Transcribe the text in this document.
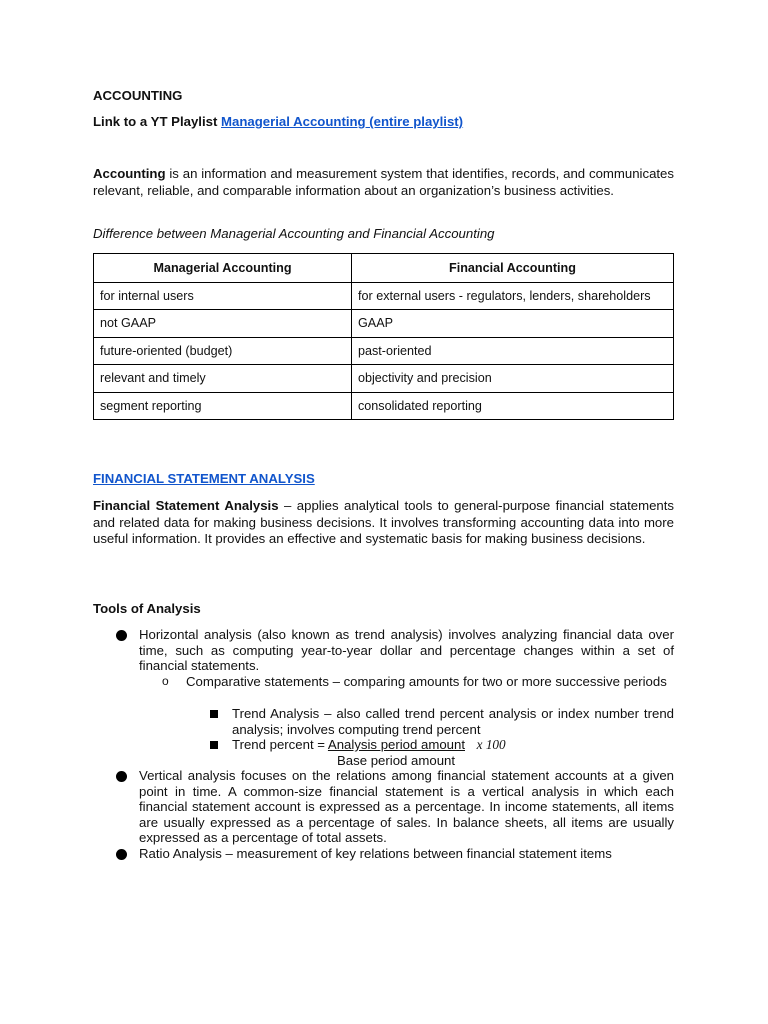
ACCOUNTING
Link to a YT Playlist Managerial Accounting (entire playlist)
Accounting is an information and measurement system that identifies, records, and communicates relevant, reliable, and comparable information about an organization’s business activities.
Difference between Managerial Accounting and Financial Accounting
Managerial Accounting	Financial Accounting
for internal users	for external users - regulators, lenders, shareholders
not GAAP	GAAP
future-oriented (budget)	past-oriented
relevant and timely	objectivity and precision
segment reporting	consolidated reporting
FINANCIAL STATEMENT ANALYSIS
Financial Statement Analysis – applies analytical tools to general-purpose financial statements and related data for making business decisions. It involves transforming accounting data into more useful information. It provides an effective and systematic basis for making business decisions.
Tools of Analysis
Horizontal analysis (also known as trend analysis) involves analyzing financial data over time, such as computing year-to-year dollar and percentage changes within a set of financial statements.
o Comparative statements – comparing amounts for two or more successive periods
Trend Analysis – also called trend percent analysis or index number trend analysis; involves computing trend percent
Trend percent = Analysis period amount x 100
Base period amount
Vertical analysis focuses on the relations among financial statement accounts at a given point in time. A common-size financial statement is a vertical analysis in which each financial statement account is expressed as a percentage. In income statements, all items are usually expressed as a percentage of sales. In balance sheets, all items are usually expressed as a percentage of total assets.
Ratio Analysis – measurement of key relations between financial statement items
